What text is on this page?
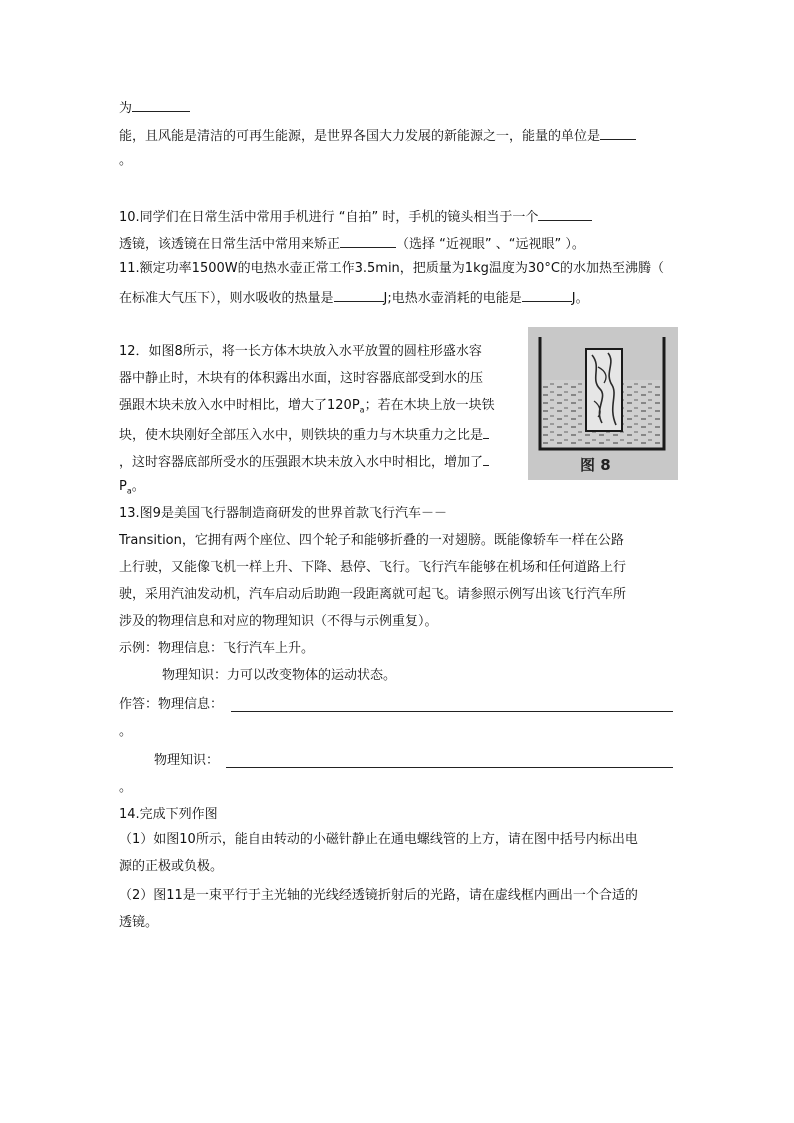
为
能，且风能是清洁的可再生能源，是世界各国大力发展的新能源之一，能量的单位是
。
10.同学们在日常生活中常用手机进行 “自拍” 时，手机的镜头相当于一个
透镜，该透镜在日常生活中常用来矫正	（选择 “近视眼” 、“远视眼” ）。
11.额定功率1500W的电热水壶正常工作3.5min，把质量为1kg温度为30°C的水加热至沸腾（
在标准大气压下），则水吸收的热量是	J;电热水壶消耗的电能是	J。
12．如图8所示，将一长方体木块放入水平放置的圆柱形盛水容
器中静止时，木块有的体积露出水面，这时容器底部受到水的压
强跟木块未放入水中时相比，增大了$120P_a$；若在木块上放一块铁
块，使木块刚好全部压入水中，则铁块的重力与木块重力之比是
，这时容器底部所受水的压强跟木块未放入水中时相比，增加了
$P_a$。
图 8
13.图9是美国飞行器制造商研发的世界首款飞行汽车－－
Transition，它拥有两个座位、四个轮子和能够折叠的一对翅膀。既能像轿车一样在公路
上行驶，又能像飞机一样上升、下降、悬停、飞行。飞行汽车能够在机场和任何道路上行
驶，采用汽油发动机，汽车启动后助跑一段距离就可起飞。请参照示例写出该飞行汽车所
涉及的物理信息和对应的物理知识（不得与示例重复）。
示例：物理信息：飞行汽车上升。
物理知识：力可以改变物体的运动状态。
作答：物理信息：
。
物理知识：
。
14.完成下列作图
（1）如图10所示，能自由转动的小磁针静止在通电螺线管的上方，请在图中括号内标出电
源的正极或负极。
（2）图11是一束平行于主光轴的光线经透镜折射后的光路，请在虚线框内画出一个合适的
透镜。
